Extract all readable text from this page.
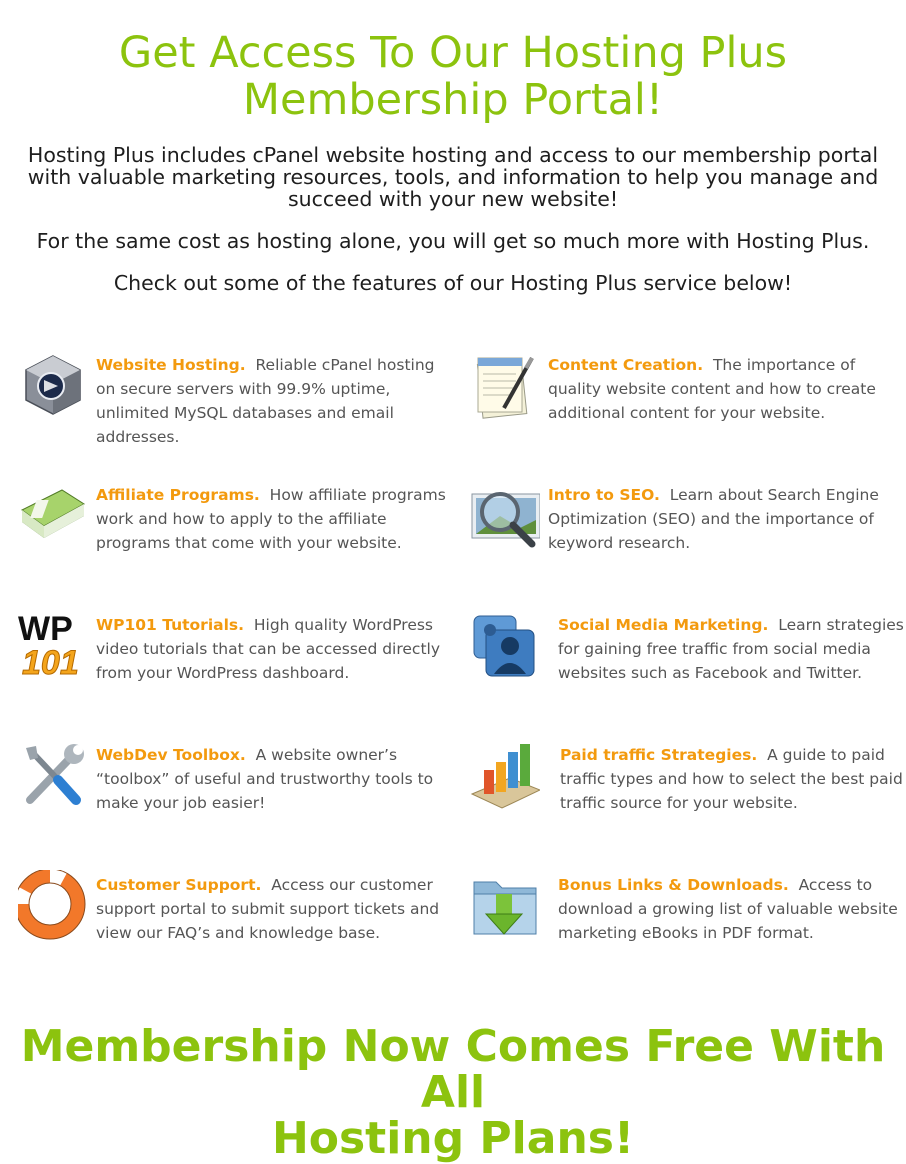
Get Access To Our Hosting Plus
Membership Portal!

Hosting Plus includes cPanel website hosting and access to our membership portal with valuable marketing resources, tools, and information to help you manage and succeed with your new website!

For the same cost as hosting alone, you will get so much more with Hosting Plus.

Check out some of the features of our Hosting Plus service below!

Website Hosting. Reliable cPanel hosting on secure servers with 99.9% uptime, unlimited MySQL databases and email addresses.
Content Creation. The importance of quality website content and how to create additional content for your website.
Affiliate Programs. How affiliate programs work and how to apply to the affiliate programs that come with your website.
Intro to SEO. Learn about Search Engine Optimization (SEO) and the importance of keyword research.
WP
101
WP101 Tutorials. High quality WordPress video tutorials that can be accessed directly from your WordPress dashboard.
Social Media Marketing. Learn strategies for gaining free traffic from social media websites such as Facebook and Twitter.
WebDev Toolbox. A website owner’s “toolbox” of useful and trustworthy tools to make your job easier!
Paid traffic Strategies. A guide to paid traffic types and how to select the best paid traffic source for your website.
Customer Support. Access our customer support portal to submit support tickets and view our FAQ’s and knowledge base.
Bonus Links & Downloads. Access to download a growing list of valuable website marketing eBooks in PDF format.
Membership Now Comes Free With All
Hosting Plans!
